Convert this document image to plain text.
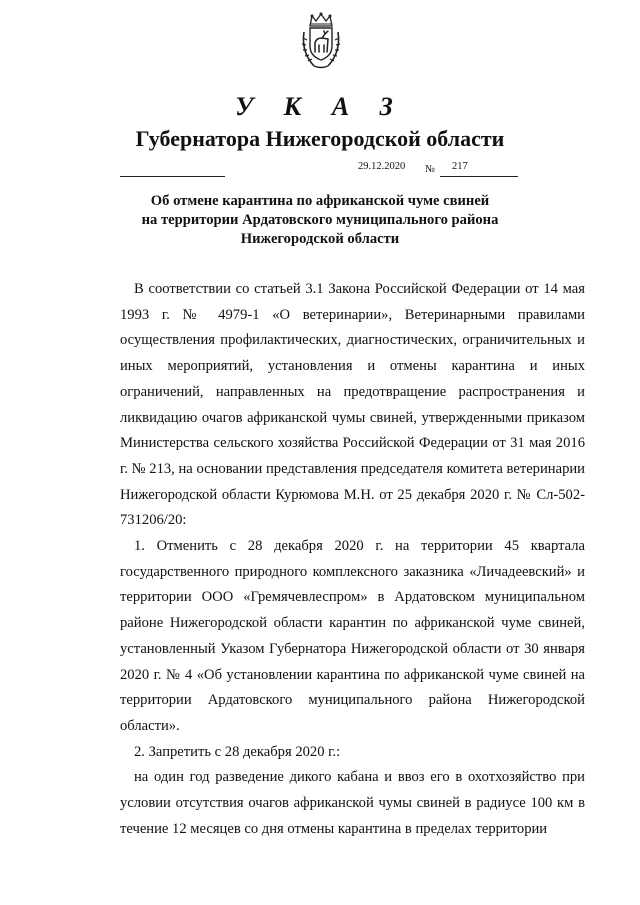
У К А З
Губернатора Нижегородской области
29.12.2020 № 217
Об отмене карантина по африканской чуме свиней
на территории Ардатовского муниципального района
Нижегородской области
В соответствии со статьей 3.1 Закона Российской Федерации от 14 мая 1993 г. № 4979-1 «О ветеринарии», Ветеринарными правилами осуществления профилактических, диагностических, ограничительных и иных мероприятий, установления и отмены карантина и иных ограничений, направленных на предотвращение распространения и ликвидацию очагов африканской чумы свиней, утвержденными приказом Министерства сельского хозяйства Российской Федерации от 31 мая 2016 г. № 213, на основании представления председателя комитета ветеринарии Нижегородской области Курюмова М.Н. от 25 декабря 2020 г. № Сл-502-731206/20:
1. Отменить с 28 декабря 2020 г. на территории 45 квартала государственного природного комплексного заказника «Личадеевский» и территории ООО «Гремячевлеспром» в Ардатовском муниципальном районе Нижегородской области карантин по африканской чуме свиней, установленный Указом Губернатора Нижегородской области от 30 января 2020 г. № 4 «Об установлении карантина по африканской чуме свиней на территории Ардатовского муниципального района Нижегородской области».
2. Запретить с 28 декабря 2020 г.:
на один год разведение дикого кабана и ввоз его в охотхозяйство при условии отсутствия очагов африканской чумы свиней в радиусе 100 км в течение 12 месяцев со дня отмены карантина в пределах территории
